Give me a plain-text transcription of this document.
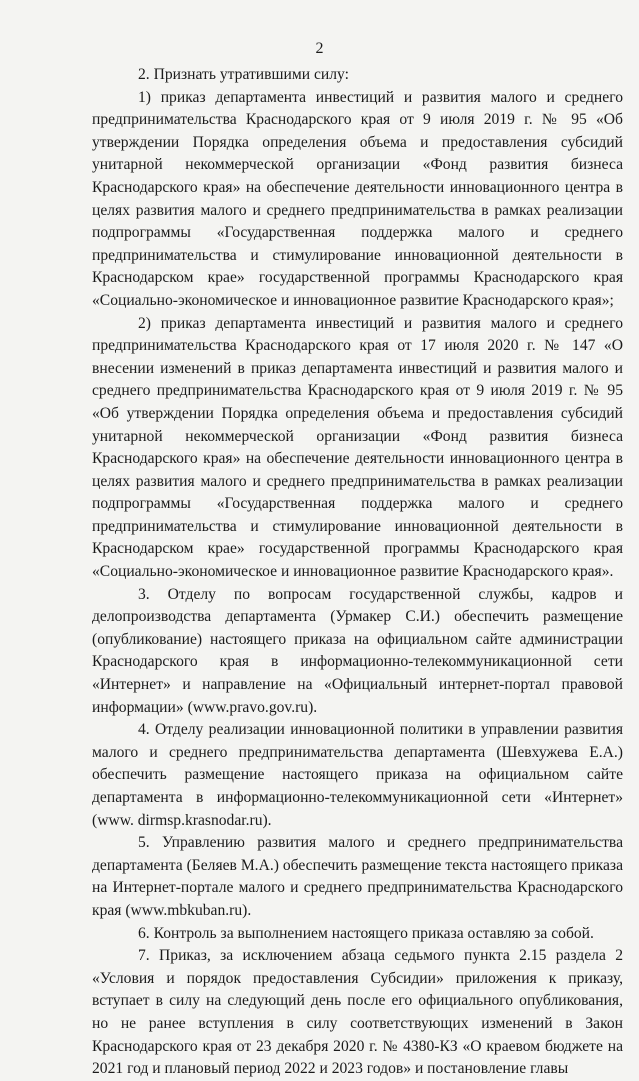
2

2. Признать утратившими силу:

1) приказ департамента инвестиций и развития малого и среднего предпринимательства Краснодарского края от 9 июля 2019 г. № 95 «Об утверждении Порядка определения объема и предоставления субсидий унитарной некоммерческой организации «Фонд развития бизнеса Краснодарского края» на обеспечение деятельности инновационного центра в целях развития малого и среднего предпринимательства в рамках реализации подпрограммы «Государственная поддержка малого и среднего предпринимательства и стимулирование инновационной деятельности в Краснодарском крае» государственной программы Краснодарского края «Социально-экономическое и инновационное развитие Краснодарского края»;

2) приказ департамента инвестиций и развития малого и среднего предпринимательства Краснодарского края от 17 июля 2020 г. № 147 «О внесении изменений в приказ департамента инвестиций и развития малого и среднего предпринимательства Краснодарского края от 9 июля 2019 г. № 95 «Об утверждении Порядка определения объема и предоставления субсидий унитарной некоммерческой организации «Фонд развития бизнеса Краснодарского края» на обеспечение деятельности инновационного центра в целях развития малого и среднего предпринимательства в рамках реализации подпрограммы «Государственная поддержка малого и среднего предпринимательства и стимулирование инновационной деятельности в Краснодарском крае» государственной программы Краснодарского края «Социально-экономическое и инновационное развитие Краснодарского края».

3. Отделу по вопросам государственной службы, кадров и делопроизводства департамента (Урмакер С.И.) обеспечить размещение (опубликование) настоящего приказа на официальном сайте администрации Краснодарского края в информационно-телекоммуникационной сети «Интернет» и направление на «Официальный интернет-портал правовой информации» (www.pravo.gov.ru).

4. Отделу реализации инновационной политики в управлении развития малого и среднего предпринимательства департамента (Шевхужева Е.А.) обеспечить размещение настоящего приказа на официальном сайте департамента в информационно-телекоммуникационной сети «Интернет» (www. dirmsp.krasnodar.ru).

5. Управлению развития малого и среднего предпринимательства департамента (Беляев М.А.) обеспечить размещение текста настоящего приказа на Интернет-портале малого и среднего предпринимательства Краснодарского края (www.mbkuban.ru).

6. Контроль за выполнением настоящего приказа оставляю за собой.

7. Приказ, за исключением абзаца седьмого пункта 2.15 раздела 2 «Условия и порядок предоставления Субсидии» приложения к приказу, вступает в силу на следующий день после его официального опубликования, но не ранее вступления в силу соответствующих изменений в Закон Краснодарского края от 23 декабря 2020 г. № 4380-КЗ «О краевом бюджете на 2021 год и плановый период 2022 и 2023 годов» и постановление главы
